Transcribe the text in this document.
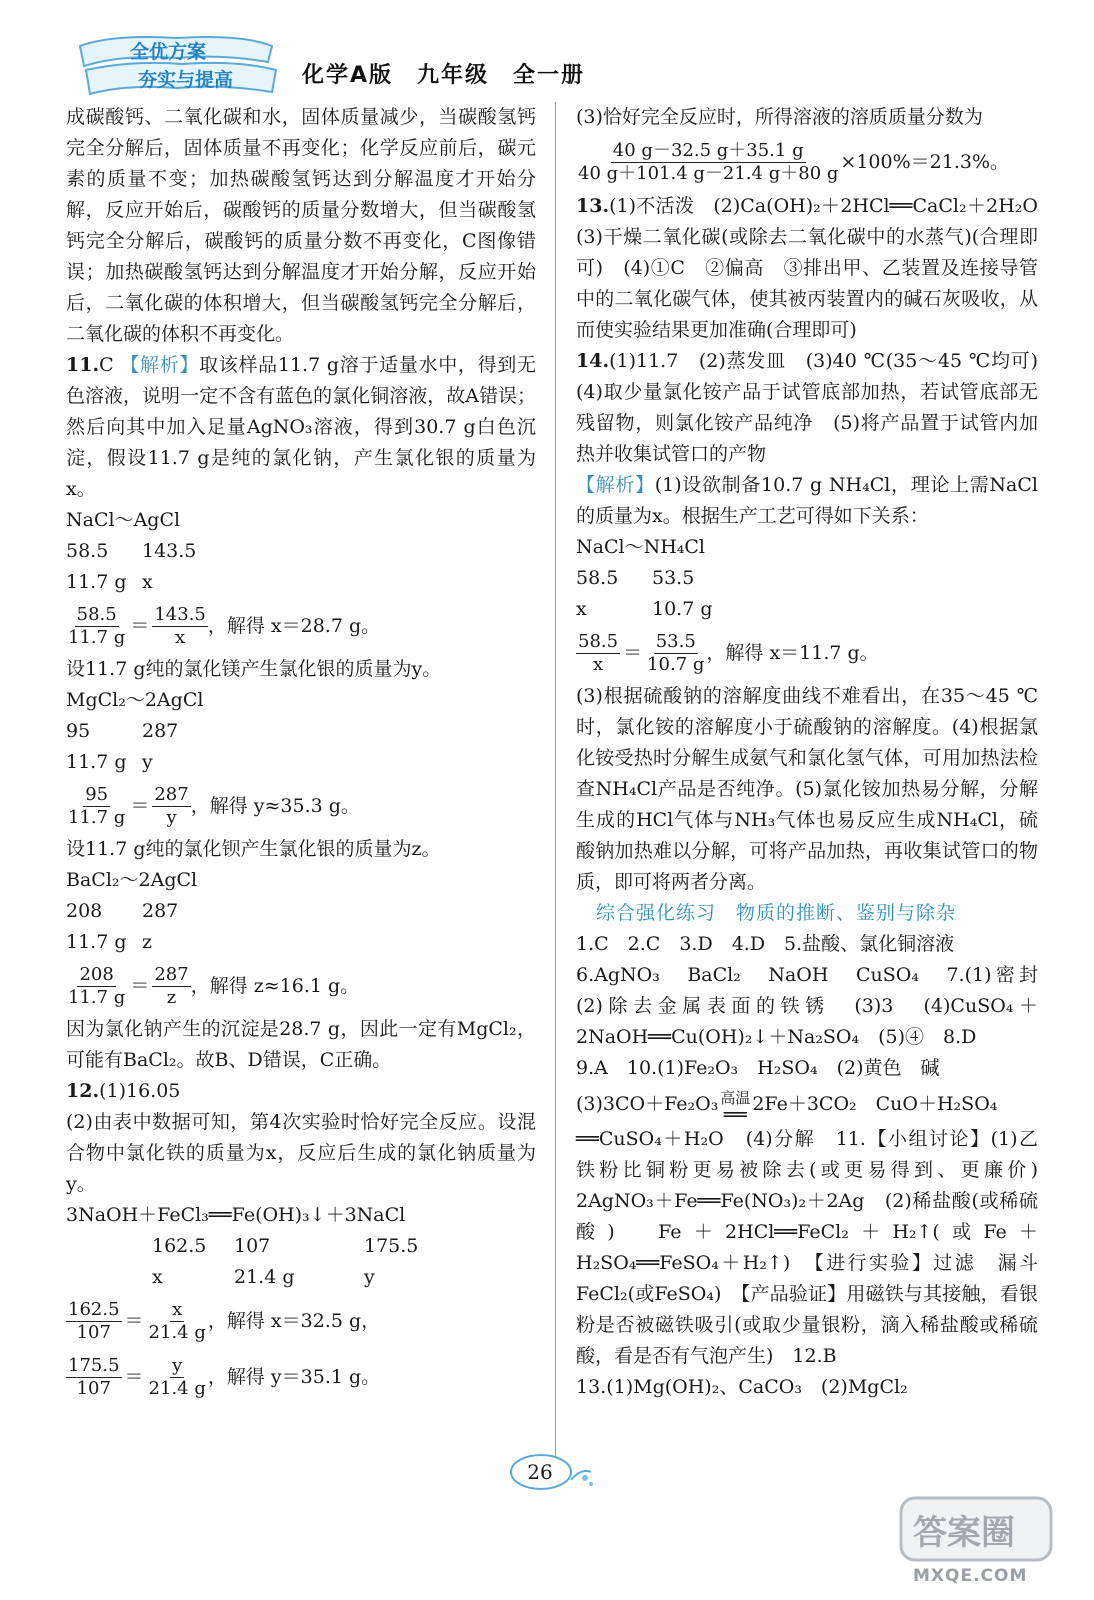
全优方案
夯实与提高	化学A版　九年级　全一册
成碳酸钙、二氧化碳和水，固体质量减少，当碳酸氢钙完全分解后，固体质量不再变化；化学反应前后，碳元素的质量不变；加热碳酸氢钙达到分解温度才开始分解，反应开始后，碳酸钙的质量分数增大，但当碳酸氢钙完全分解后，碳酸钙的质量分数不再变化，C图像错误；加热碳酸氢钙达到分解温度才开始分解，反应开始后，二氧化碳的体积增大，但当碳酸氢钙完全分解后，二氧化碳的体积不再变化。
11.C 【解析】取该样品11.7 g溶于适量水中，得到无色溶液，说明一定不含有蓝色的氯化铜溶液，故A错误；然后向其中加入足量AgNO₃溶液，得到30.7 g白色沉淀，假设11.7 g是纯的氯化钠，产生氯化银的质量为x。
NaCl～AgCl
58.5	143.5
11.7 g x
$\frac{58.5}{11.7 g} = \frac{143.5}{x}$ ，解得 x＝28.7 g。
设11.7 g纯的氯化镁产生氯化银的质量为y。
MgCl₂～2AgCl
95	287
11.7 g y
$\frac{95}{11.7 g} = \frac{287}{y}$ ，解得 y≈35.3 g。
设11.7 g纯的氯化钡产生氯化银的质量为z。
BaCl₂～2AgCl
208	287
11.7 g z
$\frac{208}{11.7 g} = \frac{287}{z}$ ，解得 z≈16.1 g。
因为氯化钠产生的沉淀是28.7 g，因此一定有MgCl₂，可能有BaCl₂。故B、D错误，C正确。
12.(1)16.05
(2)由表中数据可知，第4次实验时恰好完全反应。设混合物中氯化铁的质量为x，反应后生成的氯化钠质量为y。
3NaOH＋FeCl₃══Fe(OH)₃↓＋3NaCl
162.5	107	175.5
x	21.4 g	y
$\frac{162.5}{107} = \frac{x}{21.4 g}$ ，解得 x＝32.5 g，
$\frac{175.5}{107} = \frac{y}{21.4 g}$ ，解得 y＝35.1 g。
(3)恰好完全反应时，所得溶液的溶质质量分数为
$\frac{40 g-32.5 g+35.1 g}{40 g+101.4 g-21.4 g+80 g} \times 100\%=21.3\%$。
13.(1)不活泼　(2)Ca(OH)₂＋2HCl══CaCl₂＋2H₂O　(3)干燥二氧化碳(或除去二氧化碳中的水蒸气)(合理即可)　(4)①C　②偏高　③排出甲、乙装置及连接导管中的二氧化碳气体，使其被丙装置内的碱石灰吸收，从而使实验结果更加准确(合理即可)
14.(1)11.7　(2)蒸发皿　(3)40 ℃(35～45 ℃均可)　(4)取少量氯化铵产品于试管底部加热，若试管底部无残留物，则氯化铵产品纯净　(5)将产品置于试管内加热并收集试管口的产物
【解析】(1)设欲制备10.7 g NH₄Cl，理论上需NaCl的质量为x。根据生产工艺可得如下关系：
NaCl～NH₄Cl
58.5	53.5
x	10.7 g
$\frac{58.5}{x} = \frac{53.5}{10.7 g}$ ，解得 x＝11.7 g。
(3)根据硫酸钠的溶解度曲线不难看出，在35～45 ℃时，氯化铵的溶解度小于硫酸钠的溶解度。(4)根据氯化铵受热时分解生成氨气和氯化氢气体，可用加热法检查NH₄Cl产品是否纯净。(5)氯化铵加热易分解，分解生成的HCl气体与NH₃气体也易反应生成NH₄Cl，硫酸钠加热难以分解，可将产品加热，再收集试管口的物质，即可将两者分离。
综合强化练习　物质的推断、鉴别与除杂
1.C　2.C　3.D　4.D　5.盐酸、氯化铜溶液
6.AgNO₃　BaCl₂　NaOH　CuSO₄　7.(1)密封　(2)除去金属表面的铁锈　(3)3　(4)CuSO₄＋2NaOH══Cu(OH)₂↓＋Na₂SO₄　(5)④　8.D
9.A　10.(1)Fe₂O₃　H₂SO₄　(2)黄色　碱
(3)3CO＋Fe₂O₃ 高温
══ 2Fe＋3CO₂　CuO＋H₂SO₄
══CuSO₄＋H₂O　(4)分解　11.【小组讨论】(1)乙　铁粉比铜粉更易被除去(或更易得到、更廉价)　2AgNO₃＋Fe══Fe(NO₃)₂＋2Ag　(2)稀盐酸(或稀硫酸)　Fe＋2HCl══FeCl₂＋H₂↑(或Fe＋H₂SO₄══FeSO₄＋H₂↑)　【进行实验】过滤　漏斗　FeCl₂(或FeSO₄)　【产品验证】用磁铁与其接触，看银粉是否被磁铁吸引(或取少量银粉，滴入稀盐酸或稀硫酸，看是否有气泡产生)　12.B
13.(1)Mg(OH)₂、CaCO₃　(2)MgCl₂
26
答案圈
MXQE.COM
